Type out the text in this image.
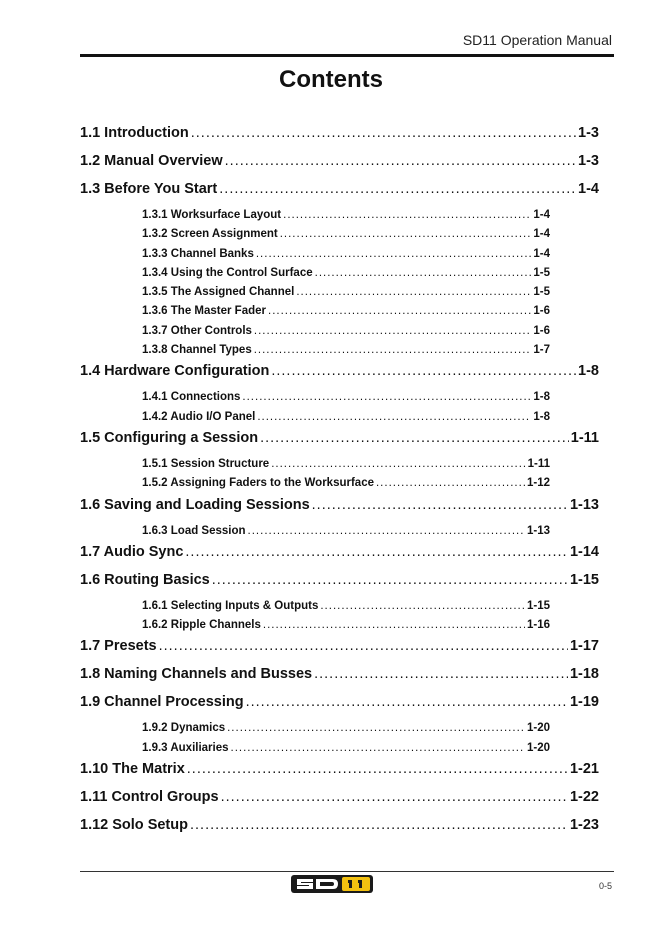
SD11 Operation Manual
Contents
1.1 Introduction .....	1-3
1.2 Manual Overview .....	1-3
1.3 Before You Start .....	1-4
1.3.1 Worksurface Layout .....	1-4
1.3.2 Screen Assignment .....	1-4
1.3.3 Channel Banks .....	1-4
1.3.4 Using the Control Surface .....	1-5
1.3.5 The Assigned Channel .....	1-5
1.3.6 The Master Fader .....	1-6
1.3.7 Other Controls .....	1-6
1.3.8 Channel Types .....	1-7
1.4 Hardware Configuration .....	1-8
1.4.1 Connections .....	1-8
1.4.2 Audio I/O Panel .....	1-8
1.5 Configuring a Session .....	1-11
1.5.1 Session Structure .....	1-11
1.5.2 Assigning Faders to the Worksurface .....	1-12
1.6 Saving and Loading Sessions .....	1-13
1.6.3 Load Session .....	1-13
1.7 Audio Sync .....	1-14
1.6 Routing Basics .....	1-15
1.6.1 Selecting Inputs & Outputs .....	1-15
1.6.2 Ripple Channels .....	1-16
1.7 Presets .....	1-17
1.8 Naming Channels and Busses .....	1-18
1.9 Channel Processing .....	1-19
1.9.2 Dynamics .....	1-20
1.9.3 Auxiliaries .....	1-20
1.10 The Matrix .....	1-21
1.11 Control Groups .....	1-22
1.12 Solo Setup .....	1-23
0-5
